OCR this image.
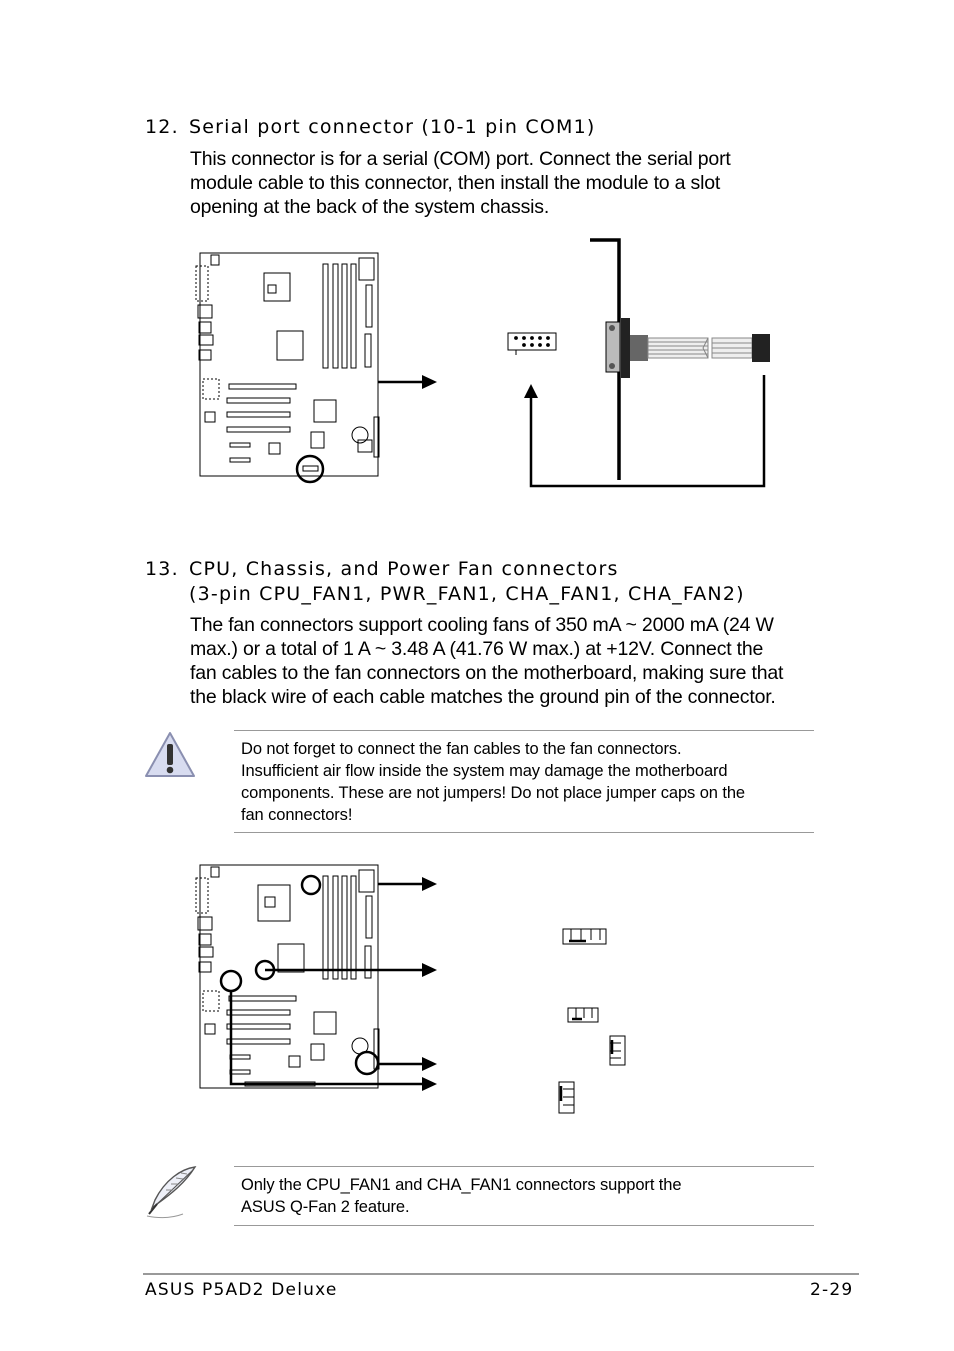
12. Serial port connector (10-1 pin COM1)

This connector is for a serial (COM) port. Connect the serial port

module cable to this connector, then install the module to a slot

opening at the back of the system chassis.

13. CPU, Chassis, and Power Fan connectors
(3-pin CPU_FAN1, PWR_FAN1, CHA_FAN1, CHA_FAN2)

The fan connectors support cooling fans of 350 mA ~ 2000 mA (24 W

max.) or a total of 1 A ~ 3.48 A (41.76 W max.) at +12V. Connect the

fan cables to the fan connectors on the motherboard, making sure that

the black wire of each cable matches the ground pin of the connector.

Do not forget to connect the fan cables to the fan connectors.

Insufficient air flow inside the system may damage the motherboard

components. These are not jumpers! Do not place jumper caps on the

fan connectors!

Only the CPU_FAN1 and CHA_FAN1 connectors support the

ASUS Q-Fan 2 feature.

ASUS P5AD2 Deluxe	2-29
